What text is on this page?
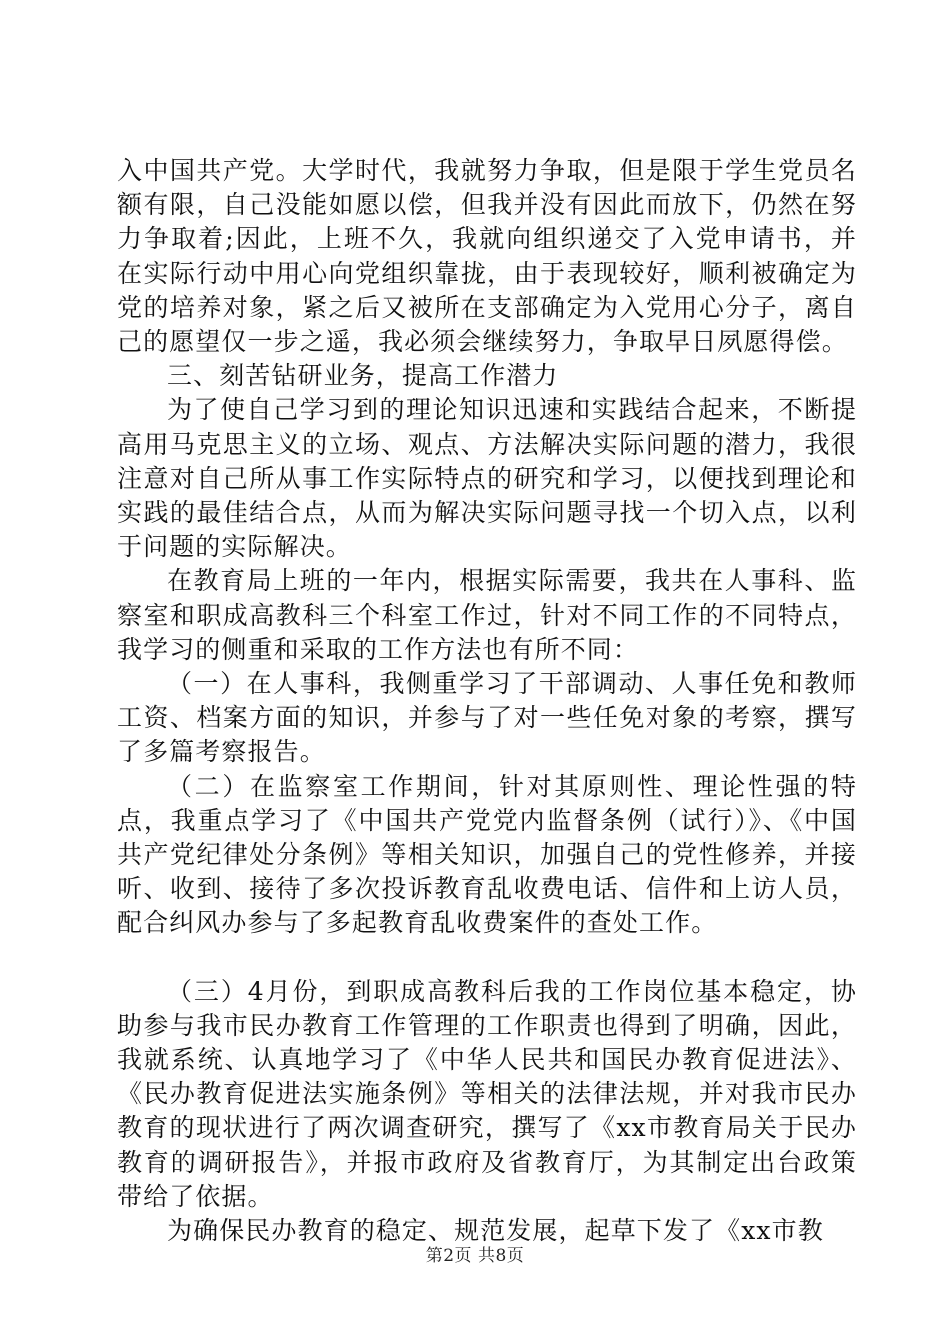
入中国共产党。大学时代，我就努力争取，但是限于学生党员名额有限，自己没能如愿以偿，但我并没有因此而放下，仍然在努力争取着;因此，上班不久，我就向组织递交了入党申请书，并在实际行动中用心向党组织靠拢，由于表现较好，顺利被确定为党的培养对象，紧之后又被所在支部确定为入党用心分子，离自己的愿望仅一步之遥，我必须会继续努力，争取早日夙愿得偿。

三、刻苦钻研业务，提高工作潜力

为了使自己学习到的理论知识迅速和实践结合起来，不断提高用马克思主义的立场、观点、方法解决实际问题的潜力，我很注意对自己所从事工作实际特点的研究和学习，以便找到理论和实践的最佳结合点，从而为解决实际问题寻找一个切入点，以利于问题的实际解决。

在教育局上班的一年内，根据实际需要，我共在人事科、监察室和职成高教科三个科室工作过，针对不同工作的不同特点，我学习的侧重和采取的工作方法也有所不同：

（一）在人事科，我侧重学习了干部调动、人事任免和教师工资、档案方面的知识，并参与了对一些任免对象的考察，撰写了多篇考察报告。

（二）在监察室工作期间，针对其原则性、理论性强的特点，我重点学习了《中国共产党党内监督条例（试行）》、《中国共产党纪律处分条例》等相关知识，加强自己的党性修养，并接听、收到、接待了多次投诉教育乱收费电话、信件和上访人员，配合纠风办参与了多起教育乱收费案件的查处工作。

（三）4月份，到职成高教科后我的工作岗位基本稳定，协助参与我市民办教育工作管理的工作职责也得到了明确，因此，我就系统、认真地学习了《中华人民共和国民办教育促进法》、《民办教育促进法实施条例》等相关的法律法规，并对我市民办教育的现状进行了两次调查研究，撰写了《xx市教育局关于民办教育的调研报告》，并报市政府及省教育厅，为其制定出台政策带给了依据。

为确保民办教育的稳定、规范发展，起草下发了《xx市教

第2页 共8页
